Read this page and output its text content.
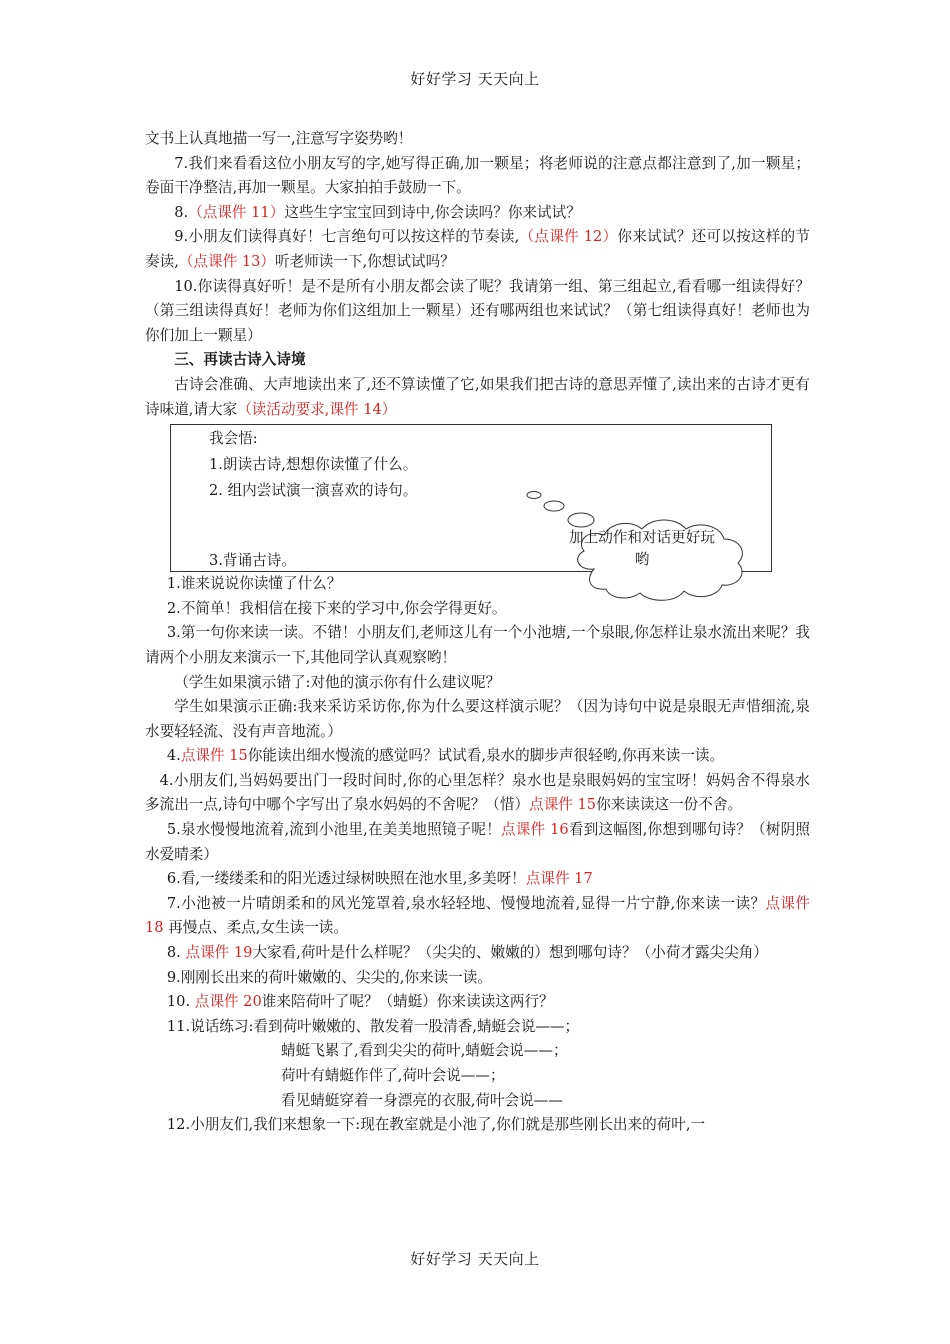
好好学习 天天向上

文书上认真地描一写一,注意写字姿势哟！

7.我们来看看这位小朋友写的字,她写得正确,加一颗星；将老师说的注意点都注意到了,加一颗星；卷面干净整洁,再加一颗星。大家拍拍手鼓励一下。

8.（点课件 11）这些生字宝宝回到诗中,你会读吗？你来试试？

9.小朋友们读得真好！七言绝句可以按这样的节奏读,（点课件 12）你来试试？还可以按这样的节奏读,（点课件 13）听老师读一下,你想试试吗？

10.你读得真好听！是不是所有小朋友都会读了呢？我请第一组、第三组起立,看看哪一组读得好？（第三组读得真好！老师为你们这组加上一颗星）还有哪两组也来试试？（第七组读得真好！老师也为你们加上一颗星）

三、再读古诗入诗境

古诗会准确、大声地读出来了,还不算读懂了它,如果我们把古诗的意思弄懂了,读出来的古诗才更有诗味道,请大家（读活动要求,课件 14）

我会悟:

1.朗读古诗,想想你读懂了什么。

2. 组内尝试演一演喜欢的诗句。

3.背诵古诗。

加上动作和对话更好玩哟

1.谁来说说你读懂了什么？

2.不简单！我相信在接下来的学习中,你会学得更好。

3.第一句你来读一读。不错！小朋友们,老师这儿有一个小池塘,一个泉眼,你怎样让泉水流出来呢？我请两个小朋友来演示一下,其他同学认真观察哟！

（学生如果演示错了:对他的演示你有什么建议呢？

学生如果演示正确:我来采访采访你,你为什么要这样演示呢？（因为诗句中说是泉眼无声惜细流,泉水要轻轻流、没有声音地流。）

4.点课件 15你能读出细水慢流的感觉吗？试试看,泉水的脚步声很轻哟,你再来读一读。

4.小朋友们,当妈妈要出门一段时间时,你的心里怎样？泉水也是泉眼妈妈的宝宝呀！妈妈舍不得泉水多流出一点,诗句中哪个字写出了泉水妈妈的不舍呢？（惜）点课件 15你来读读这一份不舍。

5.泉水慢慢地流着,流到小池里,在美美地照镜子呢！点课件 16看到这幅图,你想到哪句诗？（树阴照水爱晴柔）

6.看,一缕缕柔和的阳光透过绿树映照在池水里,多美呀！点课件 17

7.小池被一片晴朗柔和的风光笼罩着,泉水轻轻地、慢慢地流着,显得一片宁静,你来读一读？点课件 18 再慢点、柔点,女生读一读。

8. 点课件 19大家看,荷叶是什么样呢？（尖尖的、嫩嫩的）想到哪句诗？（小荷才露尖尖角）

9.刚刚长出来的荷叶嫩嫩的、尖尖的,你来读一读。

10. 点课件 20谁来陪荷叶了呢？（蜻蜓）你来读读这两行？

11.说话练习:看到荷叶嫩嫩的、散发着一股清香,蜻蜓会说——；

蜻蜓飞累了,看到尖尖的荷叶,蜻蜓会说——；

荷叶有蜻蜓作伴了,荷叶会说——；

看见蜻蜓穿着一身漂亮的衣服,荷叶会说——

12.小朋友们,我们来想象一下:现在教室就是小池了,你们就是那些刚长出来的荷叶,一

好好学习 天天向上
